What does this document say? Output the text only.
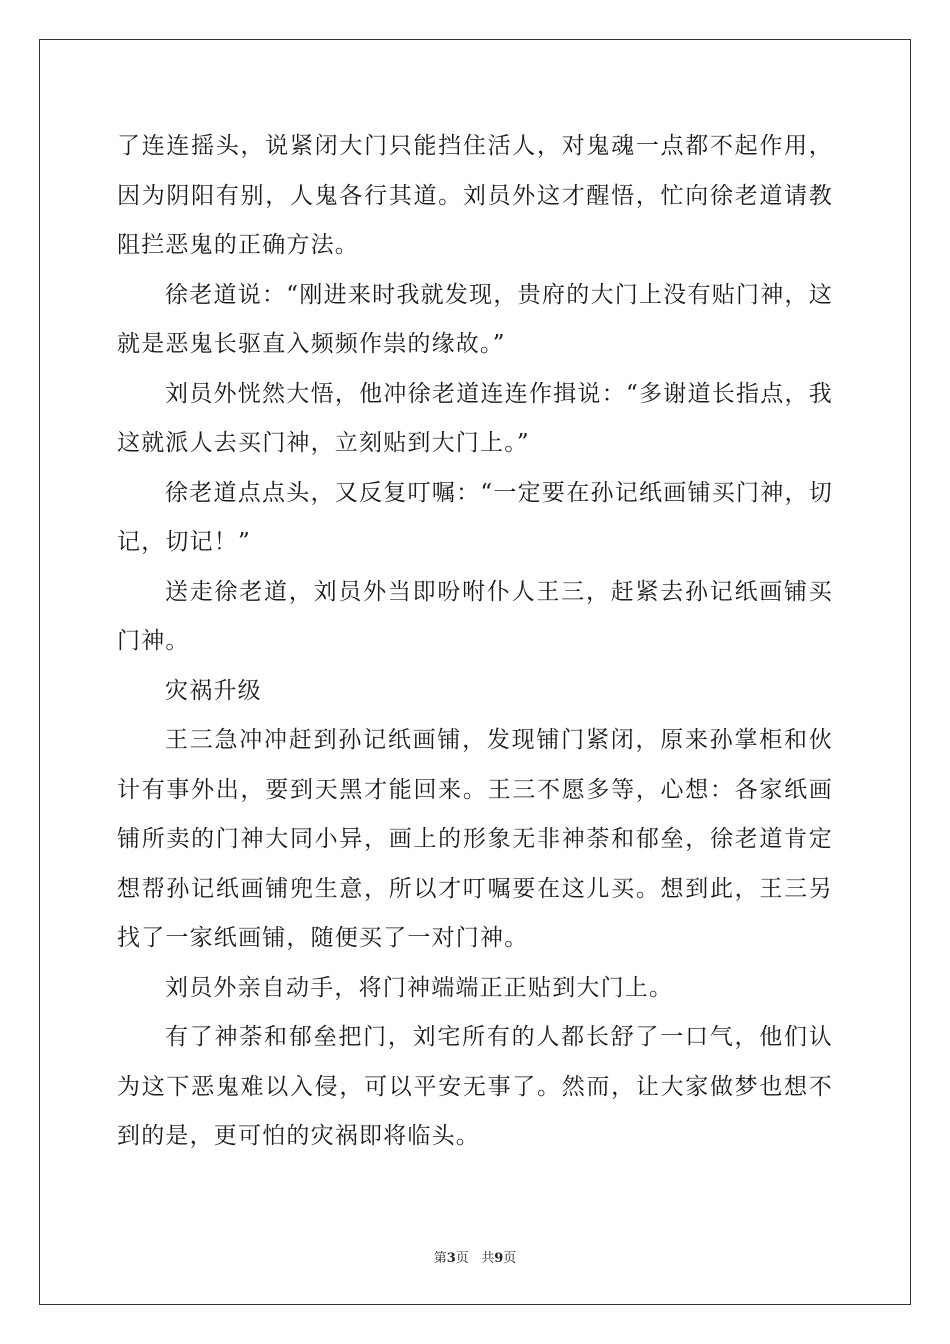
了连连摇头，说紧闭大门只能挡住活人，对鬼魂一点都不起作用，因为阴阳有别，人鬼各行其道。刘员外这才醒悟，忙向徐老道请教阻拦恶鬼的正确方法。

徐老道说：“刚进来时我就发现，贵府的大门上没有贴门神，这就是恶鬼长驱直入频频作祟的缘故。”

刘员外恍然大悟，他冲徐老道连连作揖说：“多谢道长指点，我这就派人去买门神，立刻贴到大门上。”

徐老道点点头，又反复叮嘱：“一定要在孙记纸画铺买门神，切记，切记！”

送走徐老道，刘员外当即吩咐仆人王三，赶紧去孙记纸画铺买门神。

灾祸升级

王三急冲冲赶到孙记纸画铺，发现铺门紧闭，原来孙掌柜和伙计有事外出，要到天黑才能回来。王三不愿多等，心想：各家纸画铺所卖的门神大同小异，画上的形象无非神荼和郁垒，徐老道肯定想帮孙记纸画铺兜生意，所以才叮嘱要在这儿买。想到此，王三另找了一家纸画铺，随便买了一对门神。

刘员外亲自动手，将门神端端正正贴到大门上。

有了神荼和郁垒把门，刘宅所有的人都长舒了一口气，他们认为这下恶鬼难以入侵，可以平安无事了。然而，让大家做梦也想不到的是，更可怕的灾祸即将临头。

第3页 共9页
